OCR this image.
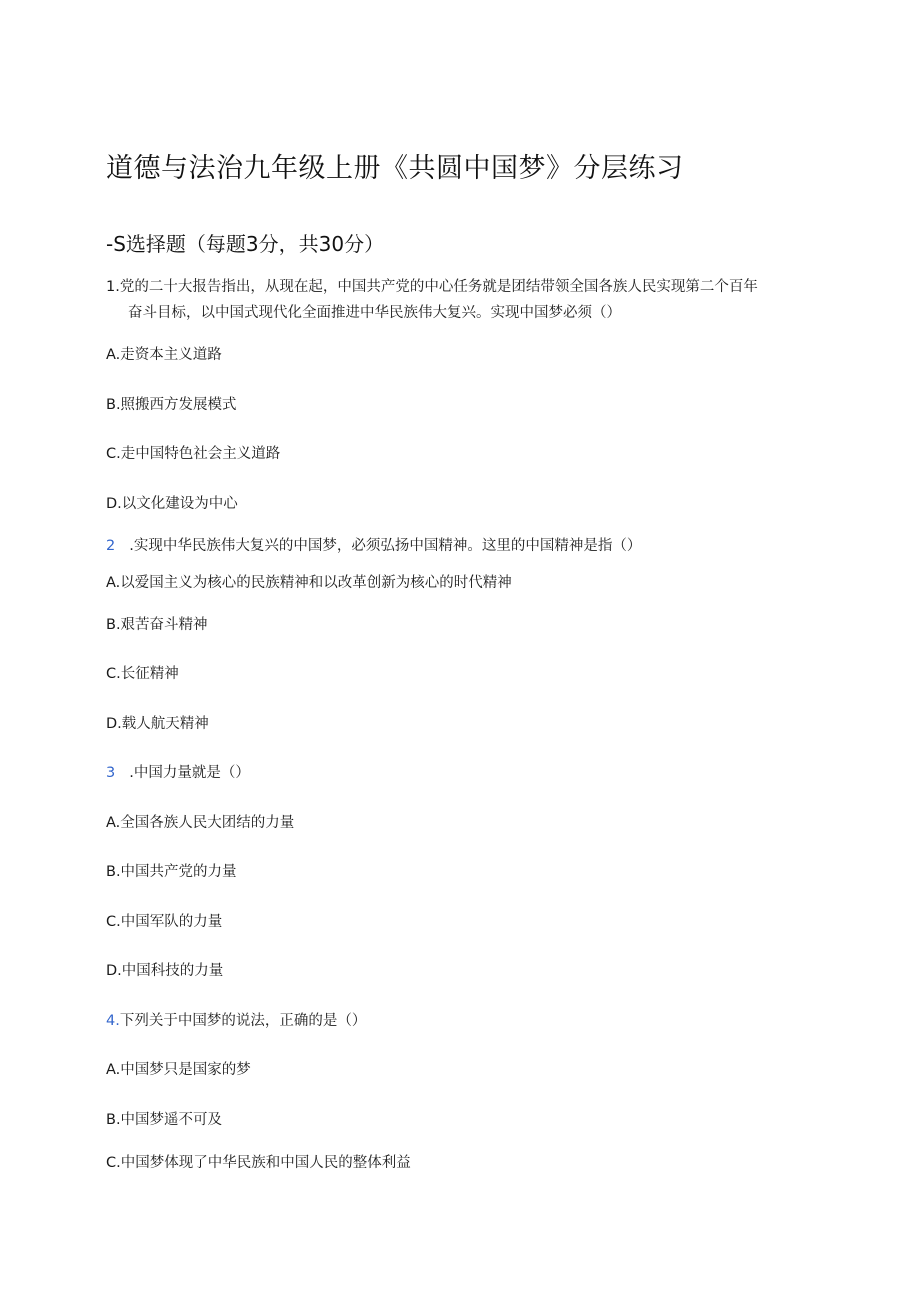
道德与法治九年级上册《共圆中国梦》分层练习
-S选择题（每题3分，共30分）
1.党的二十大报告指出，从现在起，中国共产党的中心任务就是团结带领全国各族人民实现第二个百年
奋斗目标，以中国式现代化全面推进中华民族伟大复兴。实现中国梦必须（）
A.走资本主义道路
B.照搬西方发展模式
C.走中国特色社会主义道路
D.以文化建设为中心
2 .实现中华民族伟大复兴的中国梦，必须弘扬中国精神。这里的中国精神是指（）
A.以爱国主义为核心的民族精神和以改革创新为核心的时代精神
B.艰苦奋斗精神
C.长征精神
D.载人航天精神
3 .中国力量就是（）
A.全国各族人民大团结的力量
B.中国共产党的力量
C.中国军队的力量
D.中国科技的力量
4.下列关于中国梦的说法，正确的是（）
A.中国梦只是国家的梦
B.中国梦遥不可及
C.中国梦体现了中华民族和中国人民的整体利益
